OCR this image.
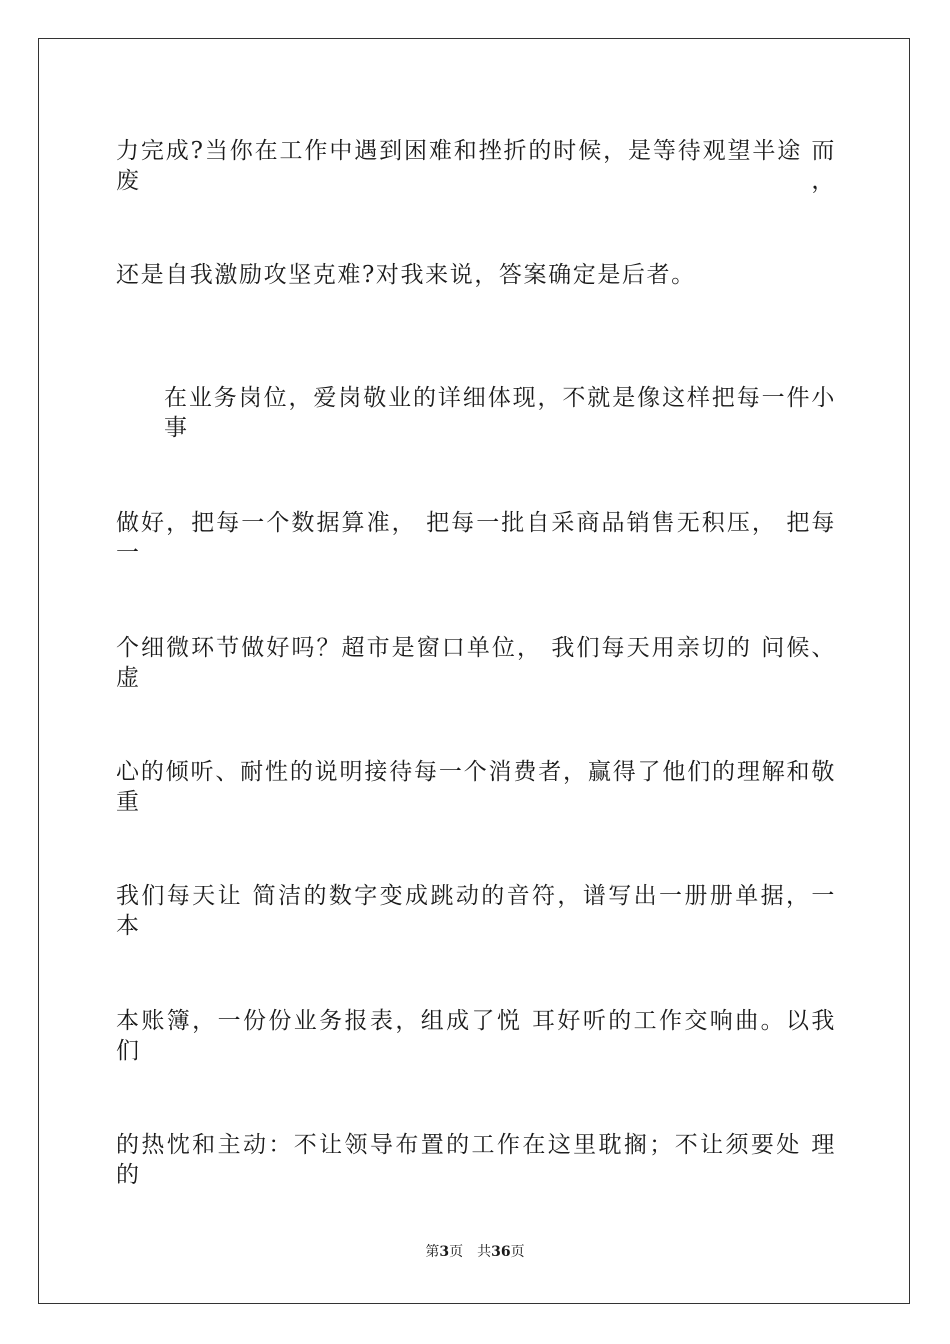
力完成?当你在工作中遇到困难和挫折的时候，是等待观望半途 而废，
还是自我激励攻坚克难?对我来说，答案确定是后者。
在业务岗位，爱岗敬业的详细体现，不就是像这样把每一件小事
做好，把每一个数据算准， 把每一批自采商品销售无积压， 把每一
个细微环节做好吗？超市是窗口单位， 我们每天用亲切的 问候、虚
心的倾听、耐性的说明接待每一个消费者，赢得了他们的理解和敬重
我们每天让 简洁的数字变成跳动的音符，谱写出一册册单据，一本
本账簿，一份份业务报表，组成了悦 耳好听的工作交响曲。以我们
的热忱和主动：不让领导布置的工作在这里耽搁；不让须要处 理的
第3页 共36页
